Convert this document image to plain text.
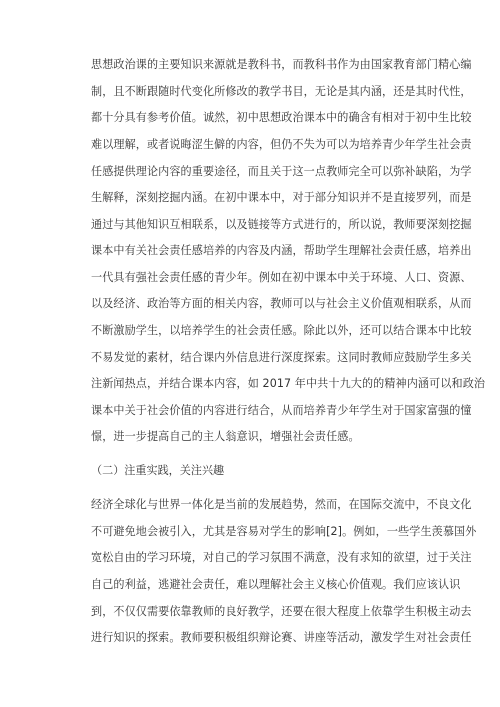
思想政治课的主要知识来源就是教科书，而教科书作为由国家教育部门精心编
制，且不断跟随时代变化所修改的教学书目，无论是其内涵，还是其时代性，
都十分具有参考价值。诚然，初中思想政治课本中的确含有相对于初中生比较
难以理解，或者说晦涩生僻的内容，但仍不失为可以为培养青少年学生社会责
任感提供理论内容的重要途径，而且关于这一点教师完全可以弥补缺陷，为学
生解释，深刻挖掘内涵。在初中课本中，对于部分知识并不是直接罗列，而是
通过与其他知识互相联系，以及链接等方式进行的，所以说，教师要深刻挖掘
课本中有关社会责任感培养的内容及内涵，帮助学生理解社会责任感，培养出
一代具有强社会责任感的青少年。例如在初中课本中关于环境、人口、资源、
以及经济、政治等方面的相关内容，教师可以与社会主义价值观相联系，从而
不断激励学生，以培养学生的社会责任感。除此以外，还可以结合课本中比较
不易发觉的素材，结合课内外信息进行深度探索。这同时教师应鼓励学生多关
注新闻热点，并结合课本内容，如 2017 年中共十九大的的精神内涵可以和政治
课本中关于社会价值的内容进行结合，从而培养青少年学生对于国家富强的憧
憬，进一步提高自己的主人翁意识，增强社会责任感。
（二）注重实践，关注兴趣
经济全球化与世界一体化是当前的发展趋势，然而，在国际交流中，不良文化
不可避免地会被引入，尤其是容易对学生的影响[2]。例如，一些学生羡慕国外
宽松自由的学习环境，对自己的学习氛围不满意，没有求知的欲望，过于关注
自己的利益，逃避社会责任，难以理解社会主义核心价值观。我们应该认识
到，不仅仅需要依靠教师的良好教学，还要在很大程度上依靠学生积极主动去
进行知识的探索。教师要积极组织辩论赛、讲座等活动，激发学生对社会责任
